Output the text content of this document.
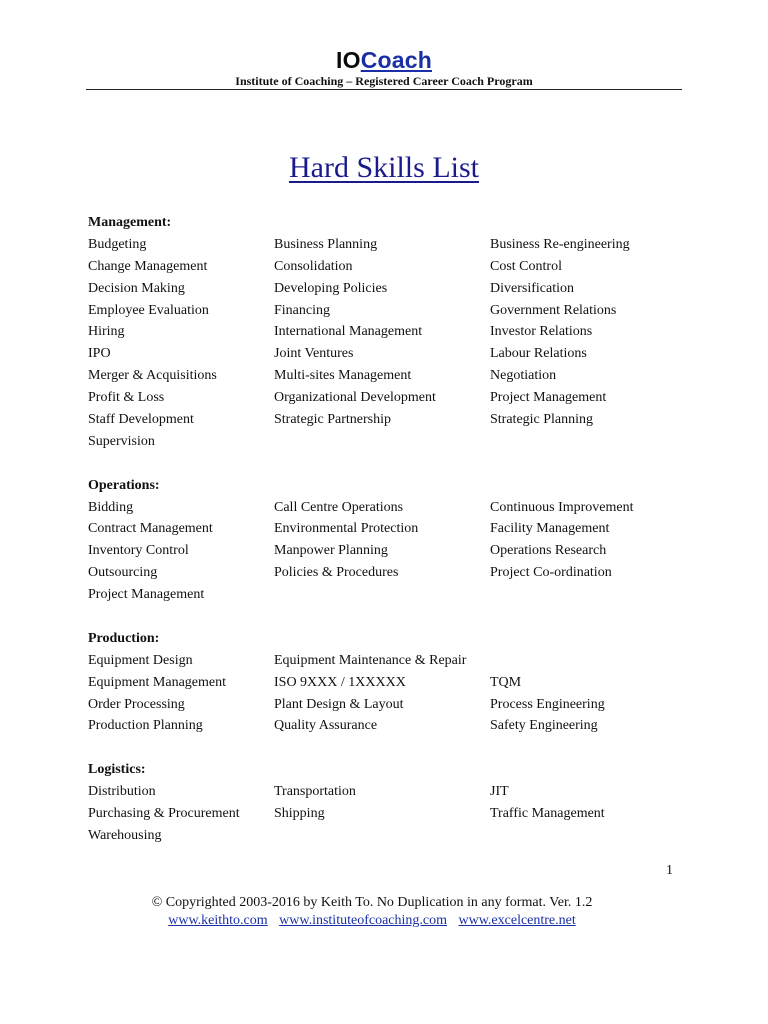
IOCoach
Institute of Coaching – Registered Career Coach Program
Hard Skills List
Management:
Budgeting	Business Planning	Business Re-engineering
Change Management	Consolidation	Cost Control
Decision Making	Developing Policies	Diversification
Employee Evaluation	Financing	Government Relations
Hiring	International Management	Investor Relations
IPO	Joint Ventures	Labour Relations
Merger & Acquisitions	Multi-sites Management	Negotiation
Profit & Loss	Organizational Development	Project Management
Staff Development	Strategic Partnership	Strategic Planning
Supervision
Operations:
Bidding	Call Centre Operations	Continuous Improvement
Contract Management	Environmental Protection	Facility Management
Inventory Control	Manpower Planning	Operations Research
Outsourcing	Policies & Procedures	Project Co-ordination
Project Management
Production:
Equipment Design	Equipment Maintenance & Repair
Equipment Management	ISO 9XXX / 1XXXXX	TQM
Order Processing	Plant Design & Layout	Process Engineering
Production Planning	Quality Assurance	Safety Engineering
Logistics:
Distribution	Transportation	JIT
Purchasing & Procurement	Shipping	Traffic Management
Warehousing
1
© Copyrighted 2003-2016 by Keith To. No Duplication in any format. Ver. 1.2
www.keithto.com www.instituteofcoaching.com www.excelcentre.net
